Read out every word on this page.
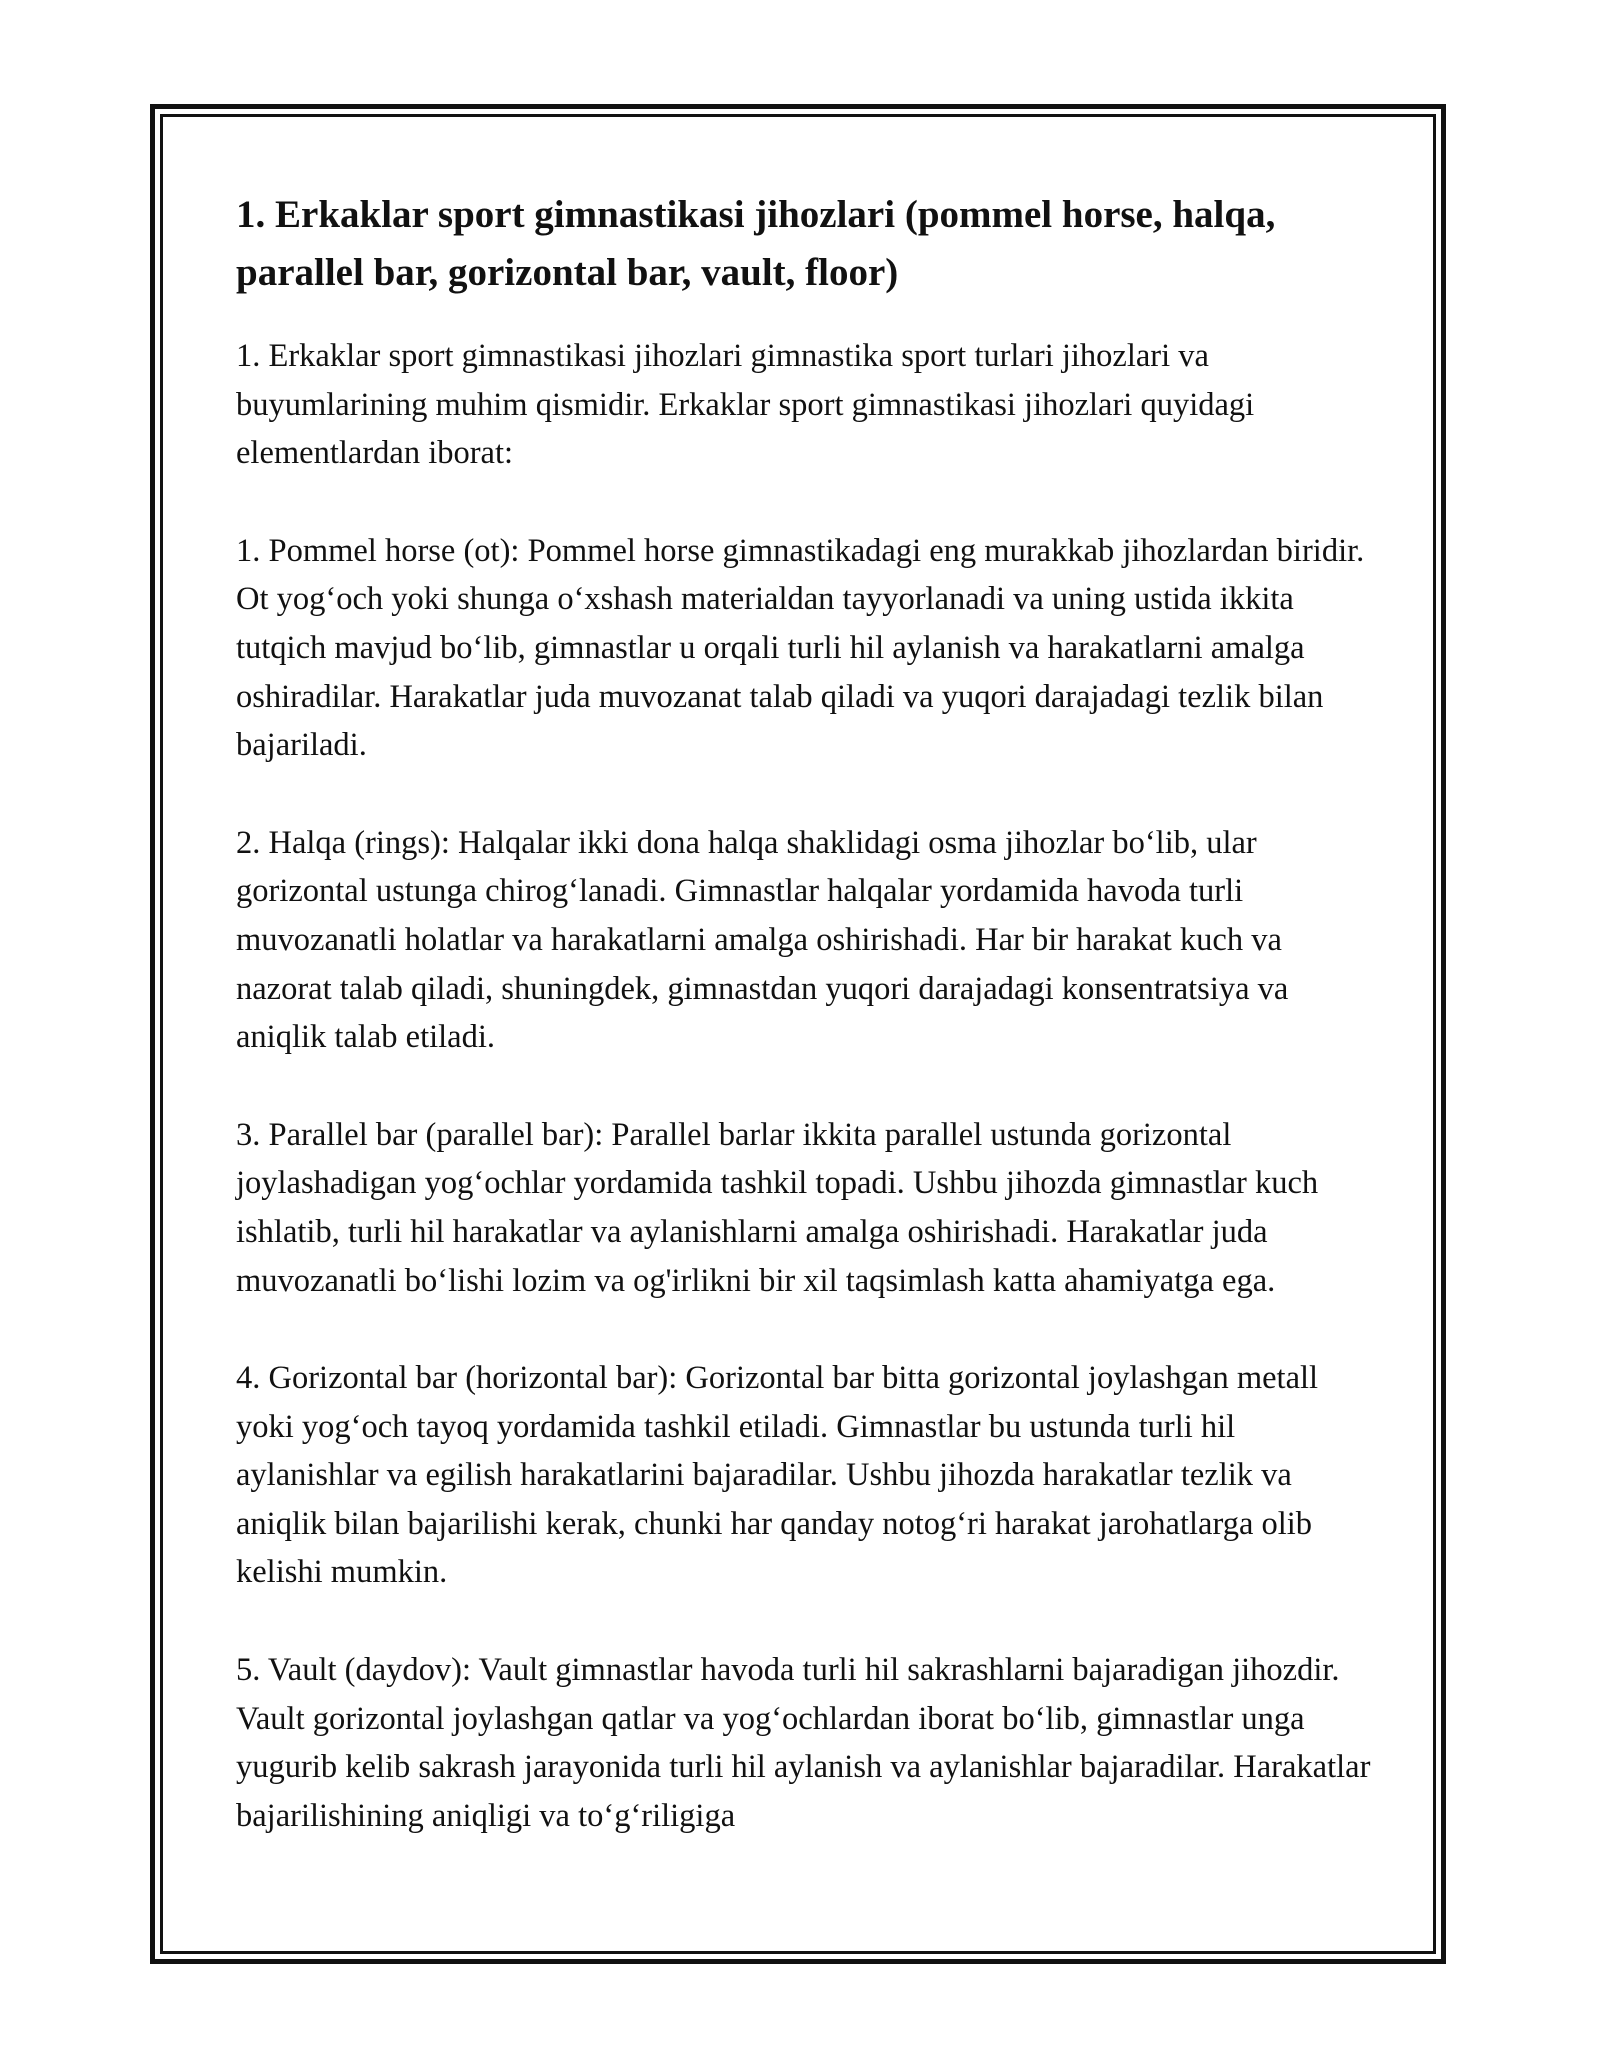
1. Erkaklar sport gimnastikasi jihozlari (pommel horse, halqa, parallel bar, gorizontal bar, vault, floor)

1. Erkaklar sport gimnastikasi jihozlari gimnastika sport turlari jihozlari va buyumlarining muhim qismidir. Erkaklar sport gimnastikasi jihozlari quyidagi elementlardan iborat:

1. Pommel horse (ot): Pommel horse gimnastikadagi eng murakkab jihozlardan biridir. Ot yog‘och yoki shunga o‘xshash materialdan tayyorlanadi va uning ustida ikkita tutqich mavjud bo‘lib, gimnastlar u orqali turli hil aylanish va harakatlarni amalga oshiradilar. Harakatlar juda muvozanat talab qiladi va yuqori darajadagi tezlik bilan bajariladi.

2. Halqa (rings): Halqalar ikki dona halqa shaklidagi osma jihozlar bo‘lib, ular gorizontal ustunga chirog‘lanadi. Gimnastlar halqalar yordamida havoda turli muvozanatli holatlar va harakatlarni amalga oshirishadi. Har bir harakat kuch va nazorat talab qiladi, shuningdek, gimnastdan yuqori darajadagi konsentratsiya va aniqlik talab etiladi.

3. Parallel bar (parallel bar): Parallel barlar ikkita parallel ustunda gorizontal joylashadigan yog‘ochlar yordamida tashkil topadi. Ushbu jihozda gimnastlar kuch ishlatib, turli hil harakatlar va aylanishlarni amalga oshirishadi. Harakatlar juda muvozanatli bo‘lishi lozim va og'irlikni bir xil taqsimlash katta ahamiyatga ega.

4. Gorizontal bar (horizontal bar): Gorizontal bar bitta gorizontal joylashgan metall yoki yog‘och tayoq yordamida tashkil etiladi. Gimnastlar bu ustunda turli hil aylanishlar va egilish harakatlarini bajaradilar. Ushbu jihozda harakatlar tezlik va aniqlik bilan bajarilishi kerak, chunki har qanday notog‘ri harakat jarohatlarga olib kelishi mumkin.

5. Vault (daydov): Vault gimnastlar havoda turli hil sakrashlarni bajaradigan jihozdir. Vault gorizontal joylashgan qatlar va yog‘ochlardan iborat bo‘lib, gimnastlar unga yugurib kelib sakrash jarayonida turli hil aylanish va aylanishlar bajaradilar. Harakatlar bajarilishining aniqligi va to‘g‘riligiga
